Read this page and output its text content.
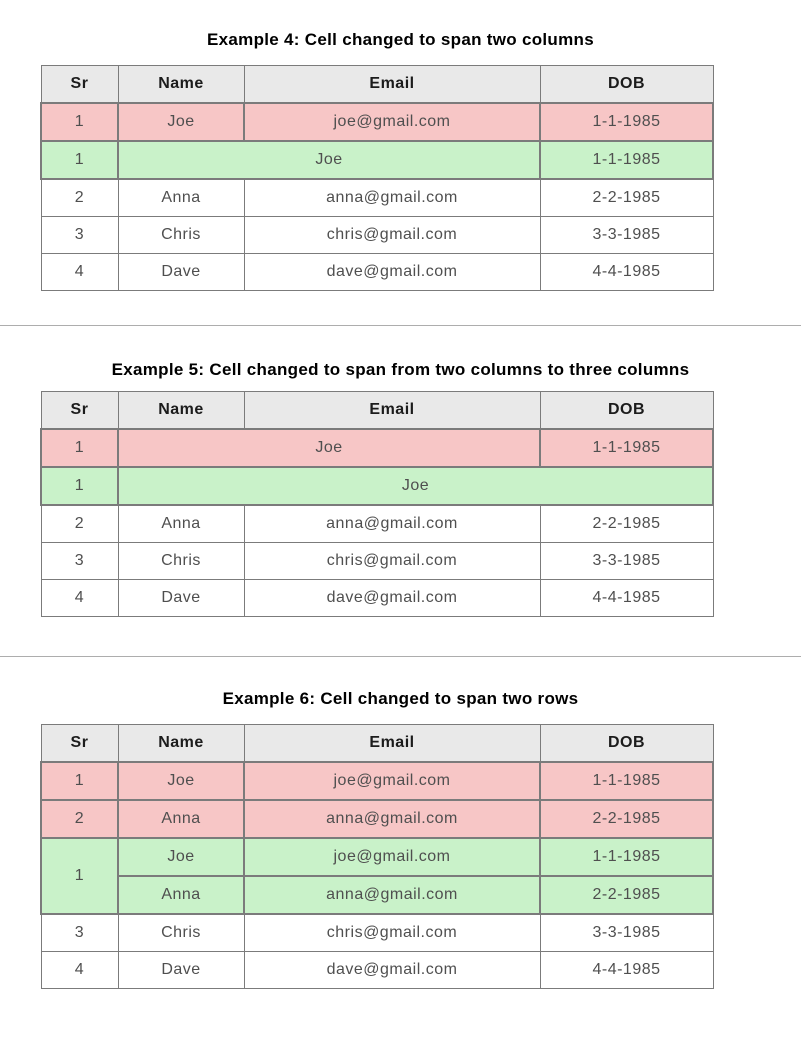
Example 4: Cell changed to span two columns
Sr	Name	Email	DOB
1	Joe	joe@gmail.com	1-1-1985
1	Joe		1-1-1985
2	Anna	anna@gmail.com	2-2-1985
3	Chris	chris@gmail.com	3-3-1985
4	Dave	dave@gmail.com	4-4-1985
Example 5: Cell changed to span from two columns to three columns
Sr	Name	Email	DOB
1	Joe		1-1-1985
1	Joe		
2	Anna	anna@gmail.com	2-2-1985
3	Chris	chris@gmail.com	3-3-1985
4	Dave	dave@gmail.com	4-4-1985
Example 6: Cell changed to span two rows
Sr	Name	Email	DOB
1	Joe	joe@gmail.com	1-1-1985
2	Anna	anna@gmail.com	2-2-1985
1	Joe	joe@gmail.com	1-1-1985
	Anna	anna@gmail.com	2-2-1985
3	Chris	chris@gmail.com	3-3-1985
4	Dave	dave@gmail.com	4-4-1985
